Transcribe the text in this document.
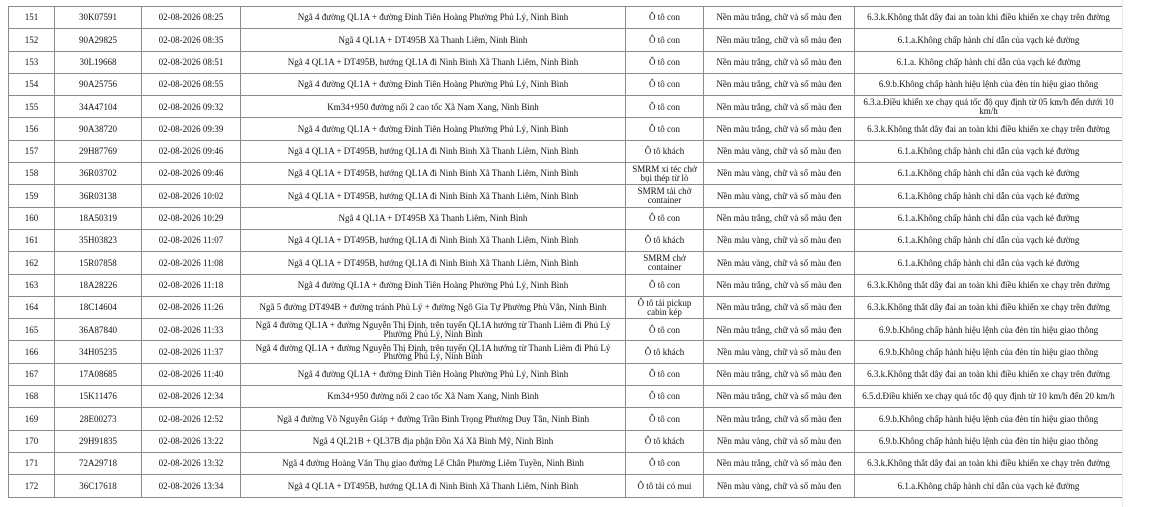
151	30K07591	02-08-2026 08:25	Ngã 4 đường QL1A + đường Đinh Tiên Hoàng Phường Phủ Lý, Ninh Bình	Ô tô con	Nền màu trắng, chữ và số màu đen	6.3.k.Không thắt dây đai an toàn khi điều khiển xe chạy trên đường
152	90A29825	02-08-2026 08:35	Ngã 4 QL1A + DT495B Xã Thanh Liêm, Ninh Bình	Ô tô con	Nền màu trắng, chữ và số màu đen	6.1.a.Không chấp hành chỉ dẫn của vạch kẻ đường
153	30L19668	02-08-2026 08:51	Ngã 4 QL1A + DT495B, hướng QL1A đi Ninh Bình Xã Thanh Liêm, Ninh Bình	Ô tô con	Nền màu trắng, chữ và số màu đen	6.1.a. Không chấp hành chỉ dẫn của vạch kẻ đường
154	90A25756	02-08-2026 08:55	Ngã 4 đường QL1A + đường Đinh Tiên Hoàng Phường Phủ Lý, Ninh Bình	Ô tô con	Nền màu trắng, chữ và số màu đen	6.9.b.Không chấp hành hiệu lệnh của đèn tín hiệu giao thông
155	34A47104	02-08-2026 09:32	Km34+950 đường nối 2 cao tốc Xã Nam Xang, Ninh Bình	Ô tô con	Nền màu trắng, chữ và số màu đen	6.3.a.Điều khiển xe chạy quá tốc độ quy định từ 05 km/h đến dưới 10 km/h
156	90A38720	02-08-2026 09:39	Ngã 4 đường QL1A + đường Đinh Tiên Hoàng Phường Phủ Lý, Ninh Bình	Ô tô con	Nền màu trắng, chữ và số màu đen	6.3.k.Không thắt dây đai an toàn khi điều khiển xe chạy trên đường
157	29H87769	02-08-2026 09:46	Ngã 4 QL1A + DT495B, hướng QL1A đi Ninh Bình Xã Thanh Liêm, Ninh Bình	Ô tô khách	Nền màu vàng, chữ và số màu đen	6.1.a.Không chấp hành chỉ dẫn của vạch kẻ đường
158	36R03702	02-08-2026 09:46	Ngã 4 QL1A + DT495B, hướng QL1A đi Ninh Bình Xã Thanh Liêm, Ninh Bình	SMRM xi téc chở bụi thép từ lò	Nền màu vàng, chữ và số màu đen	6.1.a.Không chấp hành chỉ dẫn của vạch kẻ đường
159	36R03138	02-08-2026 10:02	Ngã 4 QL1A + DT495B, hướng QL1A đi Ninh Bình Xã Thanh Liêm, Ninh Bình	SMRM tải chở container	Nền màu vàng, chữ và số màu đen	6.1.a.Không chấp hành chỉ dẫn của vạch kẻ đường
160	18A50319	02-08-2026 10:29	Ngã 4 QL1A + DT495B Xã Thanh Liêm, Ninh Bình	Ô tô con	Nền màu trắng, chữ và số màu đen	6.1.a.Không chấp hành chỉ dẫn của vạch kẻ đường
161	35H03823	02-08-2026 11:07	Ngã 4 QL1A + DT495B, hướng QL1A đi Ninh Bình Xã Thanh Liêm, Ninh Bình	Ô tô khách	Nền màu vàng, chữ và số màu đen	6.1.a.Không chấp hành chỉ dẫn của vạch kẻ đường
162	15R07858	02-08-2026 11:08	Ngã 4 QL1A + DT495B, hướng QL1A đi Ninh Bình Xã Thanh Liêm, Ninh Bình	SMRM chở container	Nền màu vàng, chữ và số màu đen	6.1.a.Không chấp hành chỉ dẫn của vạch kẻ đường
163	18A28226	02-08-2026 11:18	Ngã 4 đường QL1A + đường Đinh Tiên Hoàng Phường Phủ Lý, Ninh Bình	Ô tô con	Nền màu trắng, chữ và số màu đen	6.3.k.Không thắt dây đai an toàn khi điều khiển xe chạy trên đường
164	18C14604	02-08-2026 11:26	Ngã 5 đường DT494B + đường tránh Phủ Lý + đường Ngô Gia Tự Phường Phù Vân, Ninh Bình	Ô tô tải pickup cabin kép	Nền màu trắng, chữ và số màu đen	6.3.k.Không thắt dây đai an toàn khi điều khiển xe chạy trên đường
165	36A87840	02-08-2026 11:33	Ngã 4 đường QL1A + đường Nguyễn Thị Định, trên tuyến QL1A hướng từ Thanh Liêm đi Phủ Lý Phường Phủ Lý, Ninh Bình	Ô tô con	Nền màu trắng, chữ và số màu đen	6.9.b.Không chấp hành hiệu lệnh của đèn tín hiệu giao thông
166	34H05235	02-08-2026 11:37	Ngã 4 đường QL1A + đường Nguyễn Thị Định, trên tuyến QL1A hướng từ Thanh Liêm đi Phủ Lý Phường Phủ Lý, Ninh Bình	Ô tô khách	Nền màu vàng, chữ và số màu đen	6.9.b.Không chấp hành hiệu lệnh của đèn tín hiệu giao thông
167	17A08685	02-08-2026 11:40	Ngã 4 đường QL1A + đường Đinh Tiên Hoàng Phường Phủ Lý, Ninh Bình	Ô tô con	Nền màu trắng, chữ và số màu đen	6.3.k.Không thắt dây đai an toàn khi điều khiển xe chạy trên đường
168	15K11476	02-08-2026 12:34	Km34+950 đường nối 2 cao tốc Xã Nam Xang, Ninh Bình	Ô tô con	Nền màu trắng, chữ và số màu đen	6.5.d.Điều khiển xe chạy quá tốc độ quy định từ 10 km/h đến 20 km/h
169	28E00273	02-08-2026 12:52	Ngã 4 đường Võ Nguyễn Giáp + đường Trần Bình Trọng Phường Duy Tân, Ninh Bình	Ô tô con	Nền màu trắng, chữ và số màu đen	6.9.b.Không chấp hành hiệu lệnh của đèn tín hiệu giao thông
170	29H91835	02-08-2026 13:22	Ngã 4 QL21B + QL37B địa phận Đồn Xá Xã Bình Mỹ, Ninh Bình	Ô tô khách	Nền màu vàng, chữ và số màu đen	6.9.b.Không chấp hành hiệu lệnh của đèn tín hiệu giao thông
171	72A29718	02-08-2026 13:32	Ngã 4 đường Hoàng Văn Thụ giao đường Lê Chân Phường Liêm Tuyền, Ninh Bình	Ô tô con	Nền màu trắng, chữ và số màu đen	6.3.k.Không thắt dây đai an toàn khi điều khiển xe chạy trên đường
172	36C17618	02-08-2026 13:34	Ngã 4 QL1A + DT495B, hướng QL1A đi Ninh Bình Xã Thanh Liêm, Ninh Bình	Ô tô tải có mui	Nền màu vàng, chữ và số màu đen	6.1.a.Không chấp hành chỉ dẫn của vạch kẻ đường
